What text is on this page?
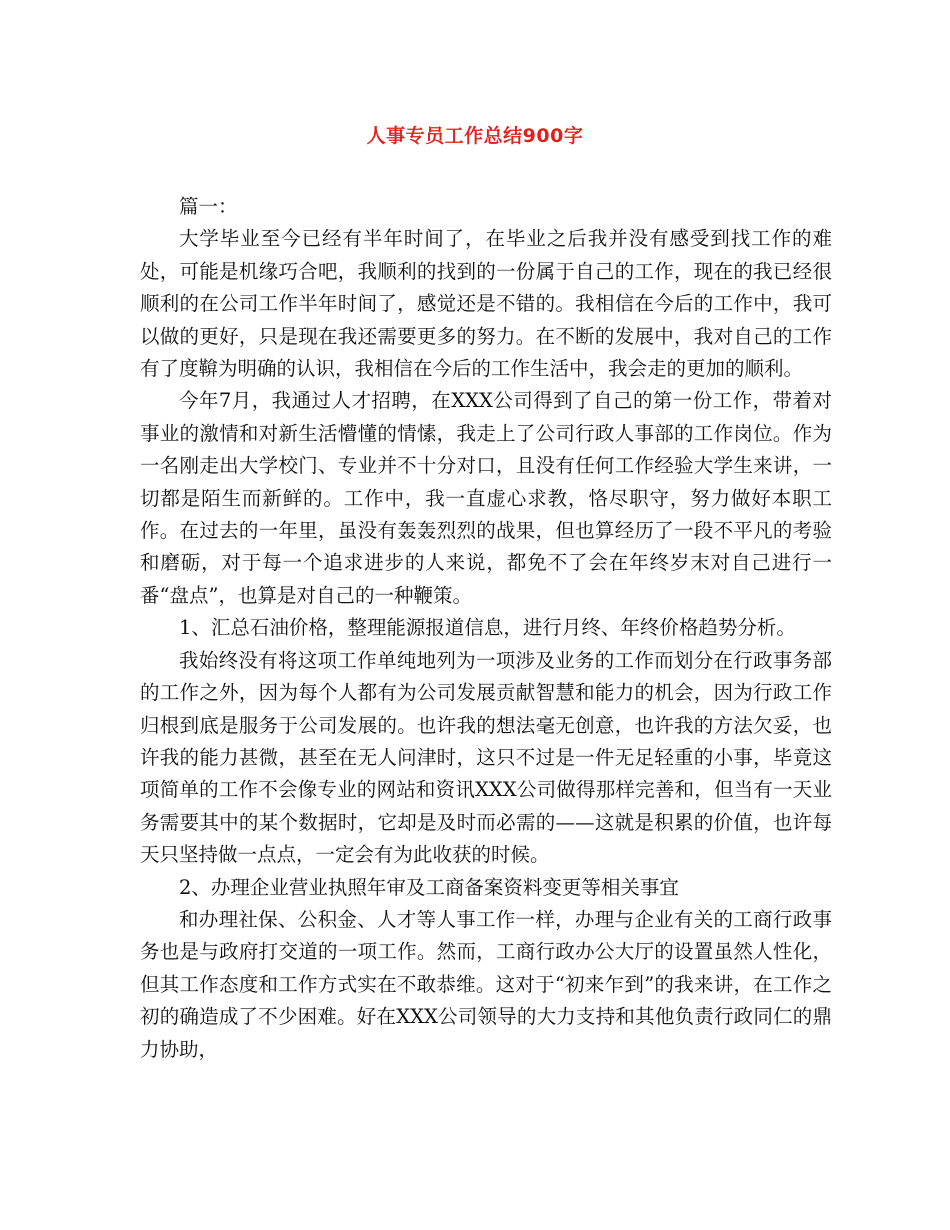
人事专员工作总结900字

篇一：

大学毕业至今已经有半年时间了，在毕业之后我并没有感受到找工作的难处，可能是机缘巧合吧，我顺利的找到的一份属于自己的工作，现在的我已经很顺利的在公司工作半年时间了，感觉还是不错的。我相信在今后的工作中，我可以做的更好，只是现在我还需要更多的努力。在不断的发展中，我对自己的工作有了度鞥为明确的认识，我相信在今后的工作生活中，我会走的更加的顺利。

今年7月，我通过人才招聘，在XXX公司得到了自己的第一份工作，带着对事业的激情和对新生活懵懂的情愫，我走上了公司行政人事部的工作岗位。作为一名刚走出大学校门、专业并不十分对口，且没有任何工作经验大学生来讲，一切都是陌生而新鲜的。工作中，我一直虚心求教，恪尽职守，努力做好本职工作。在过去的一年里，虽没有轰轰烈烈的战果，但也算经历了一段不平凡的考验和磨砺，对于每一个追求进步的人来说，都免不了会在年终岁末对自己进行一番“盘点”，也算是对自己的一种鞭策。

1、汇总石油价格，整理能源报道信息，进行月终、年终价格趋势分析。

我始终没有将这项工作单纯地列为一项涉及业务的工作而划分在行政事务部的工作之外，因为每个人都有为公司发展贡献智慧和能力的机会，因为行政工作归根到底是服务于公司发展的。也许我的想法毫无创意，也许我的方法欠妥，也许我的能力甚微，甚至在无人问津时，这只不过是一件无足轻重的小事，毕竟这项简单的工作不会像专业的网站和资讯XXX公司做得那样完善和，但当有一天业务需要其中的某个数据时，它却是及时而必需的——这就是积累的价值，也许每天只坚持做一点点，一定会有为此收获的时候。

2、办理企业营业执照年审及工商备案资料变更等相关事宜

和办理社保、公积金、人才等人事工作一样，办理与企业有关的工商行政事务也是与政府打交道的一项工作。然而，工商行政办公大厅的设置虽然人性化，但其工作态度和工作方式实在不敢恭维。这对于“初来乍到”的我来讲，在工作之初的确造成了不少困难。好在XXX公司领导的大力支持和其他负责行政同仁的鼎力协助，
